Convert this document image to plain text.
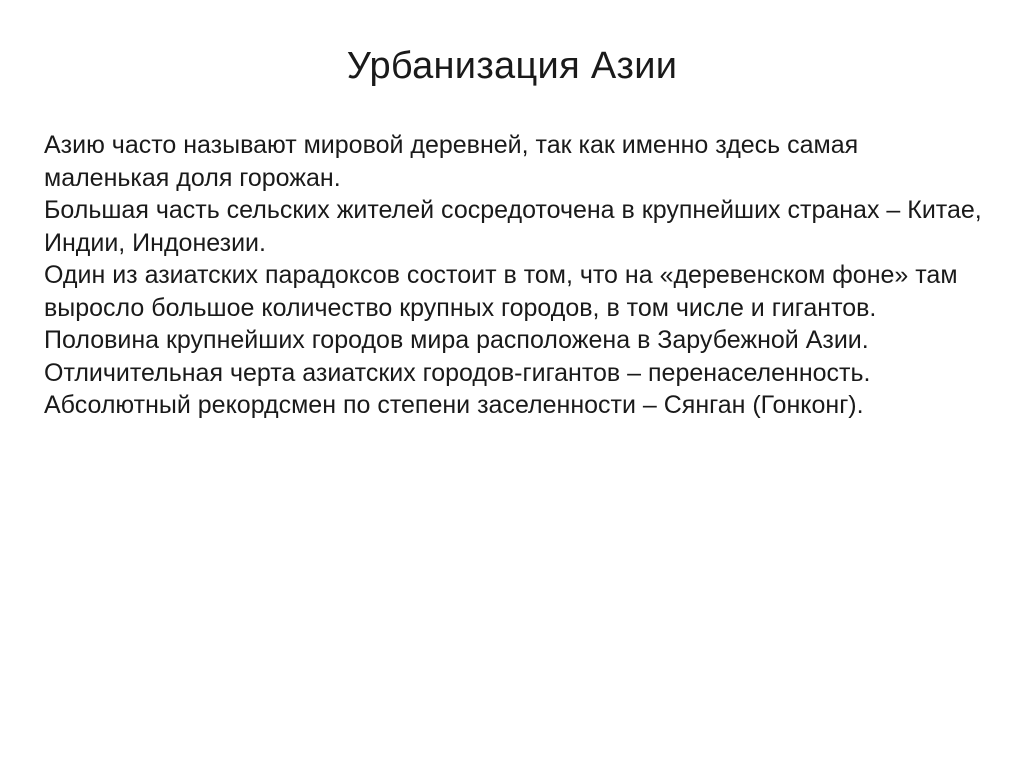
Урбанизация Азии

Азию часто называют мировой деревней, так как именно здесь самая маленькая доля горожан.

Большая часть сельских жителей сосредоточена в крупнейших странах – Китае, Индии, Индонезии.

Один из азиатских парадоксов состоит в том, что на «деревенском фоне» там выросло большое количество крупных городов, в том числе и гигантов. Половина крупнейших городов мира расположена в Зарубежной Азии. Отличительная черта азиатских городов-гигантов – перенаселенность. Абсолютный рекордсмен по степени заселенности – Сянган (Гонконг).
